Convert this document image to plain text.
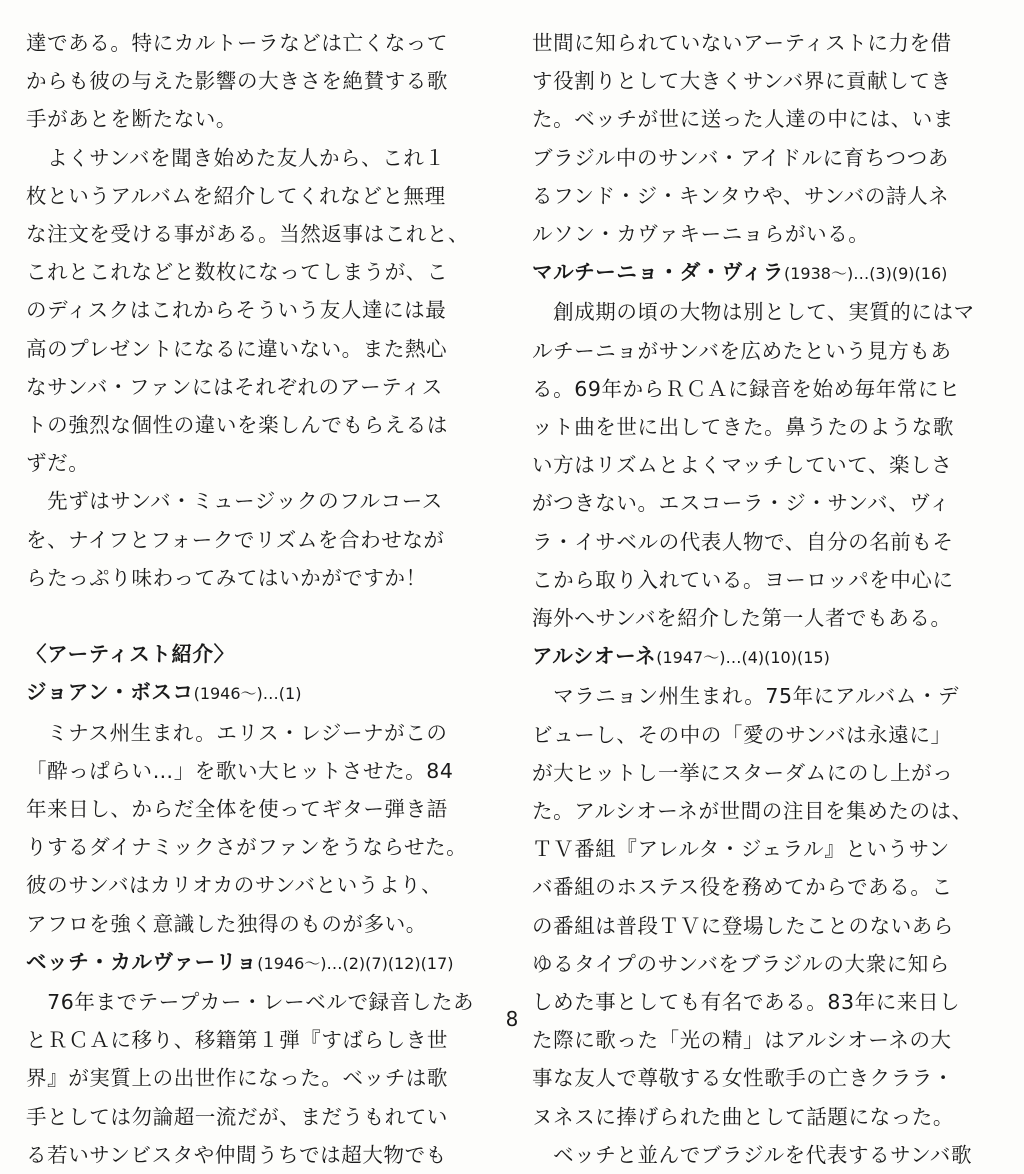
達である。特にカルトーラなどは亡くなって
からも彼の与えた影響の大きさを絶賛する歌
手があとを断たない。
　よくサンバを聞き始めた友人から、これ１
枚というアルバムを紹介してくれなどと無理
な注文を受ける事がある。当然返事はこれと、
これとこれなどと数枚になってしまうが、こ
のディスクはこれからそういう友人達には最
高のプレゼントになるに違いない。また熱心
なサンバ・ファンにはそれぞれのアーティス
トの強烈な個性の違いを楽しんでもらえるは
ずだ。
　先ずはサンバ・ミュージックのフルコース
を、ナイフとフォークでリズムを合わせなが
らたっぷり味わってみてはいかがですか！
〈アーティスト紹介〉
ジョアン・ボスコ(1946～)…(1)
　ミナス州生まれ。エリス・レジーナがこの
「酔っぱらい…」を歌い大ヒットさせた。84
年来日し、からだ全体を使ってギター弾き語
りするダイナミックさがファンをうならせた。
彼のサンバはカリオカのサンバというより、
アフロを強く意識した独得のものが多い。
ベッチ・カルヴァーリョ(1946～)…(2)(7)(12)(17)
　76年までテープカー・レーベルで録音したあ
とＲＣＡに移り、移籍第１弾『すばらしき世
界』が実質上の出世作になった。ベッチは歌
手としては勿論超一流だが、まだうもれてい
る若いサンビスタや仲間うちでは超大物でも
世間に知られていないアーティストに力を借
す役割りとして大きくサンバ界に貢献してき
た。ベッチが世に送った人達の中には、いま
ブラジル中のサンバ・アイドルに育ちつつあ
るフンド・ジ・キンタウや、サンバの詩人ネ
ルソン・カヴァキーニョらがいる。
マルチーニョ・ダ・ヴィラ(1938～)…(3)(9)(16)
　創成期の頃の大物は別として、実質的にはマ
ルチーニョがサンバを広めたという見方もあ
る。69年からＲＣＡに録音を始め毎年常にヒ
ット曲を世に出してきた。鼻うたのような歌
い方はリズムとよくマッチしていて、楽しさ
がつきない。エスコーラ・ジ・サンバ、ヴィ
ラ・イサベルの代表人物で、自分の名前もそ
こから取り入れている。ヨーロッパを中心に
海外へサンバを紹介した第一人者でもある。
アルシオーネ(1947～)…(4)(10)(15)
　マラニョン州生まれ。75年にアルバム・デ
ビューし、その中の「愛のサンバは永遠に」
が大ヒットし一挙にスターダムにのし上がっ
た。アルシオーネが世間の注目を集めたのは、
ＴＶ番組『アレルタ・ジェラル』というサン
バ番組のホステス役を務めてからである。こ
の番組は普段ＴＶに登場したことのないあら
ゆるタイプのサンバをブラジルの大衆に知ら
しめた事としても有名である。83年に来日し
た際に歌った「光の精」はアルシオーネの大
事な友人で尊敬する女性歌手の亡きクララ・
ヌネスに捧げられた曲として話題になった。
　ベッチと並んでブラジルを代表するサンバ歌
8
